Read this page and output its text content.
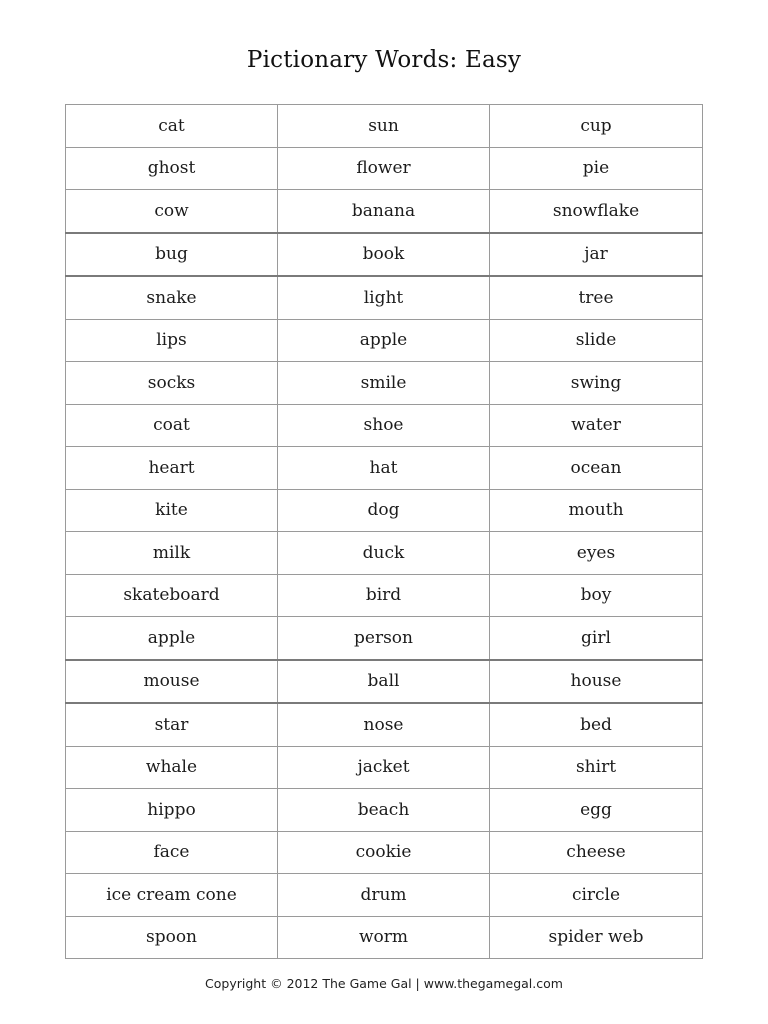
Pictionary Words: Easy
cat	sun	cup
ghost	flower	pie
cow	banana	snowflake
bug	book	jar
snake	light	tree
lips	apple	slide
socks	smile	swing
coat	shoe	water
heart	hat	ocean
kite	dog	mouth
milk	duck	eyes
skateboard	bird	boy
apple	person	girl
mouse	ball	house
star	nose	bed
whale	jacket	shirt
hippo	beach	egg
face	cookie	cheese
ice cream cone	drum	circle
spoon	worm	spider web
Copyright © 2012 The Game Gal | www.thegamegal.com
